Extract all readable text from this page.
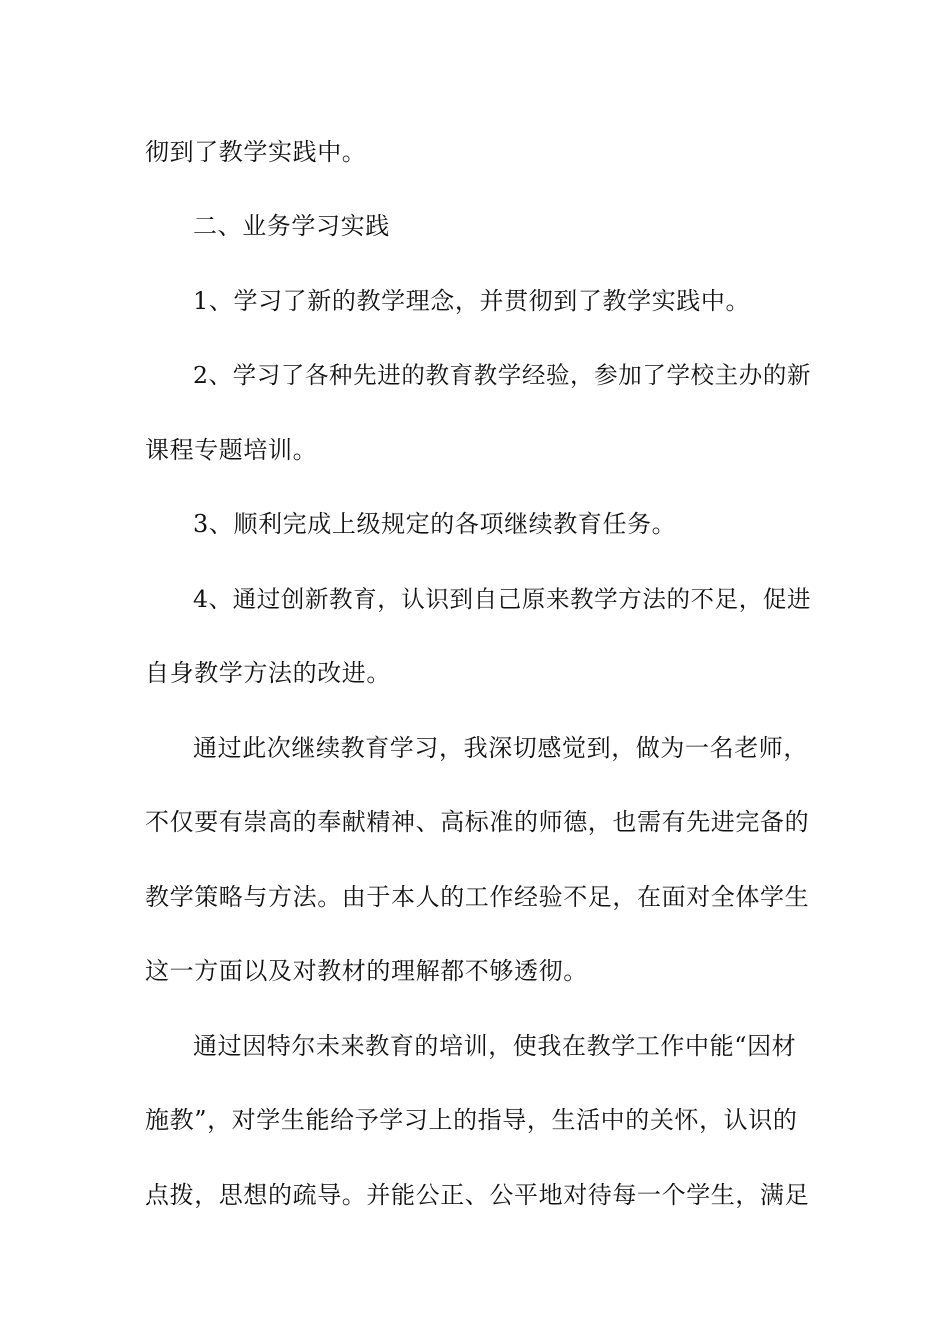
彻到了教学实践中。
二、业务学习实践
1、学习了新的教学理念，并贯彻到了教学实践中。
2、学习了各种先进的教育教学经验，参加了学校主办的新
课程专题培训。
3、顺利完成上级规定的各项继续教育任务。
4、通过创新教育，认识到自己原来教学方法的不足，促进
自身教学方法的改进。
通过此次继续教育学习，我深切感觉到，做为一名老师，
不仅要有崇高的奉献精神、高标准的师德，也需有先进完备的
教学策略与方法。由于本人的工作经验不足，在面对全体学生
这一方面以及对教材的理解都不够透彻。
通过因特尔未来教育的培训，使我在教学工作中能“因材
施教”，对学生能给予学习上的指导，生活中的关怀，认识的
点拨，思想的疏导。并能公正、公平地对待每一个学生，满足
